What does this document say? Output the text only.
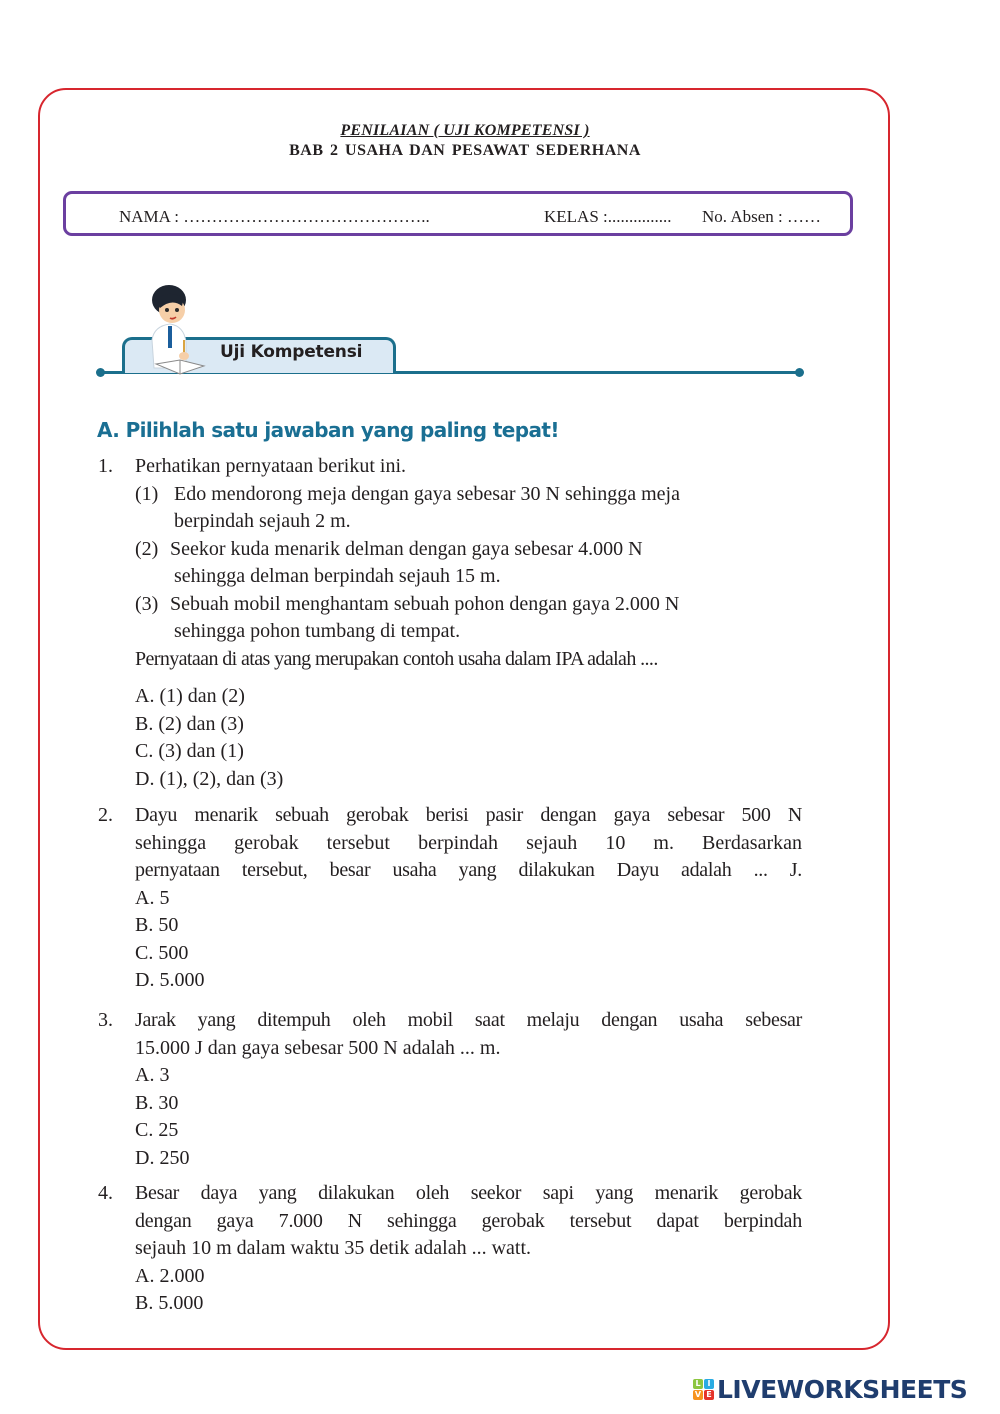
PENILAIAN ( UJI KOMPETENSI )
BAB 2 USAHA DAN PESAWAT SEDERHANA
NAMA : ……………………………………..	KELAS :............... No. Absen : ……
Uji Kompetensi
A. Pilihlah satu jawaban yang paling tepat!
1. Perhatikan pernyataan berikut ini.
(1) Edo mendorong meja dengan gaya sebesar 30 N sehingga meja
berpindah sejauh 2 m.
(2) Seekor kuda menarik delman dengan gaya sebesar 4.000 N
sehingga delman berpindah sejauh 15 m.
(3) Sebuah mobil menghantam sebuah pohon dengan gaya 2.000 N
sehingga pohon tumbang di tempat.
Pernyataan di atas yang merupakan contoh usaha dalam IPA adalah ....
A. (1) dan (2)
B. (2) dan (3)
C. (3) dan (1)
D. (1), (2), dan (3)
2. Dayu menarik sebuah gerobak berisi pasir dengan gaya sebesar 500 N
sehingga gerobak tersebut berpindah sejauh 10 m. Berdasarkan
pernyataan tersebut, besar usaha yang dilakukan Dayu adalah ... J.
A. 5
B. 50
C. 500
D. 5.000
3. Jarak yang ditempuh oleh mobil saat melaju dengan usaha sebesar
15.000 J dan gaya sebesar 500 N adalah ... m.
A. 3
B. 30
C. 25
D. 250
4. Besar daya yang dilakukan oleh seekor sapi yang menarik gerobak
dengan gaya 7.000 N sehingga gerobak tersebut dapat berpindah
sejauh 10 m dalam waktu 35 detik adalah ... watt.
A. 2.000
B. 5.000
L I
V E LIVEWORKSHEETS
